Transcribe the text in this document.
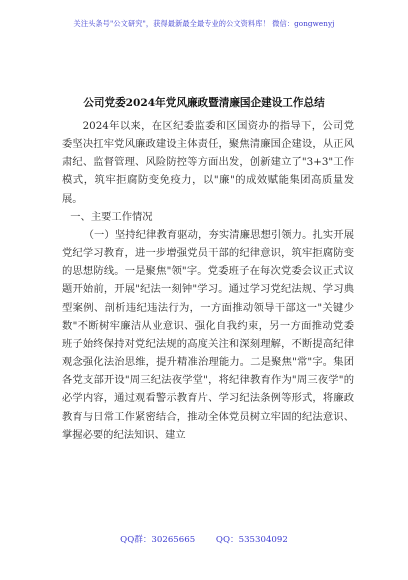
关注头条号"公文研究"，获得最新最全最专业的公文资料库！ 微信：gongwenyj
公司党委2024年党风廉政暨清廉国企建设工作总结

2024年以来，在区纪委监委和区国资办的指导下，公司党委坚决扛牢党风廉政建设主体责任，聚焦清廉国企建设，从正风肃纪、监督管理、风险防控等方面出发，创新建立了"3+3"工作模式，筑牢拒腐防变免疫力，以"廉"的成效赋能集团高质量发展。

一、主要工作情况

（一）坚持纪律教育驱动，夯实清廉思想引领力。扎实开展党纪学习教育，进一步增强党员干部的纪律意识，筑牢拒腐防变的思想防线。一是聚焦"领"字。党委班子在每次党委会议正式议题开始前，开展"纪法一刻钟"学习。通过学习党纪法规、学习典型案例、剖析违纪违法行为，一方面推动领导干部这一"关键少数"不断树牢廉洁从业意识、强化自我约束，另一方面推动党委班子始终保持对党纪法规的高度关注和深刻理解，不断提高纪律观念强化法治思维，提升精准治理能力。二是聚焦"常"字。集团各党支部开设"周三纪法夜学堂"，将纪律教育作为"周三夜学"的必学内容，通过观看警示教育片、学习纪法条例等形式，将廉政教育与日常工作紧密结合，推动全体党员树立牢固的纪法意识、掌握必要的纪法知识、建立

QQ群：30265665 QQ：535304092
